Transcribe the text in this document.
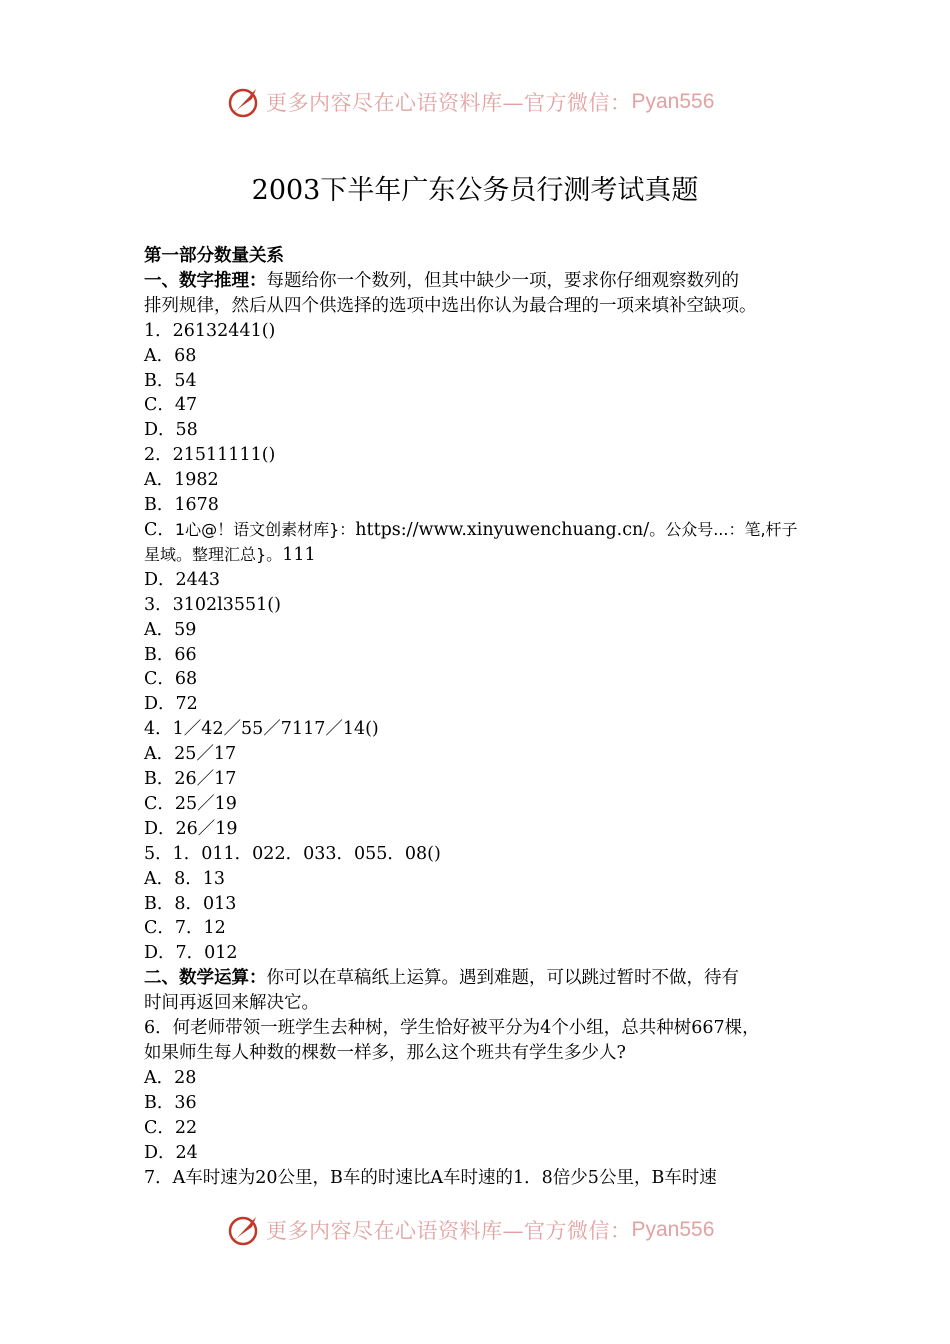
更多内容尽在心语资料库—官方微信： Pyan556
2003下半年广东公务员行测考试真题
第一部分数量关系
一、数字推理：每题给你一个数列，但其中缺少一项，要求你仔细观察数列的
排列规律，然后从四个供选择的选项中选出你认为最合理的一项来填补空缺项。
1．26132441()
A．68
B．54
C．47
D．58
2．21511111()
A．1982
B．1678
C．1心@！语文创素材库}：https://www.xinyuwenchuang.cn/。公众号...：笔,杆子
星域。整理汇总}。111
D．2443
3．3102l3551()
A．59
B．66
C．68
D．72
4．1／42／55／7117／14()
A．25／17
B．26／17
C．25／19
D．26／19
5．1．011．022．033．055．08()
A．8．13
B．8．013
C．7．12
D．7．012
二、数学运算：你可以在草稿纸上运算。遇到难题，可以跳过暂时不做，待有
时间再返回来解决它。
6．何老师带领一班学生去种树，学生恰好被平分为4个小组，总共种树667棵，
如果师生每人种数的棵数一样多，那么这个班共有学生多少人?
A．28
B．36
C．22
D．24
7．A车时速为20公里，B车的时速比A车时速的1．8倍少5公里，B车时速
更多内容尽在心语资料库—官方微信： Pyan556
